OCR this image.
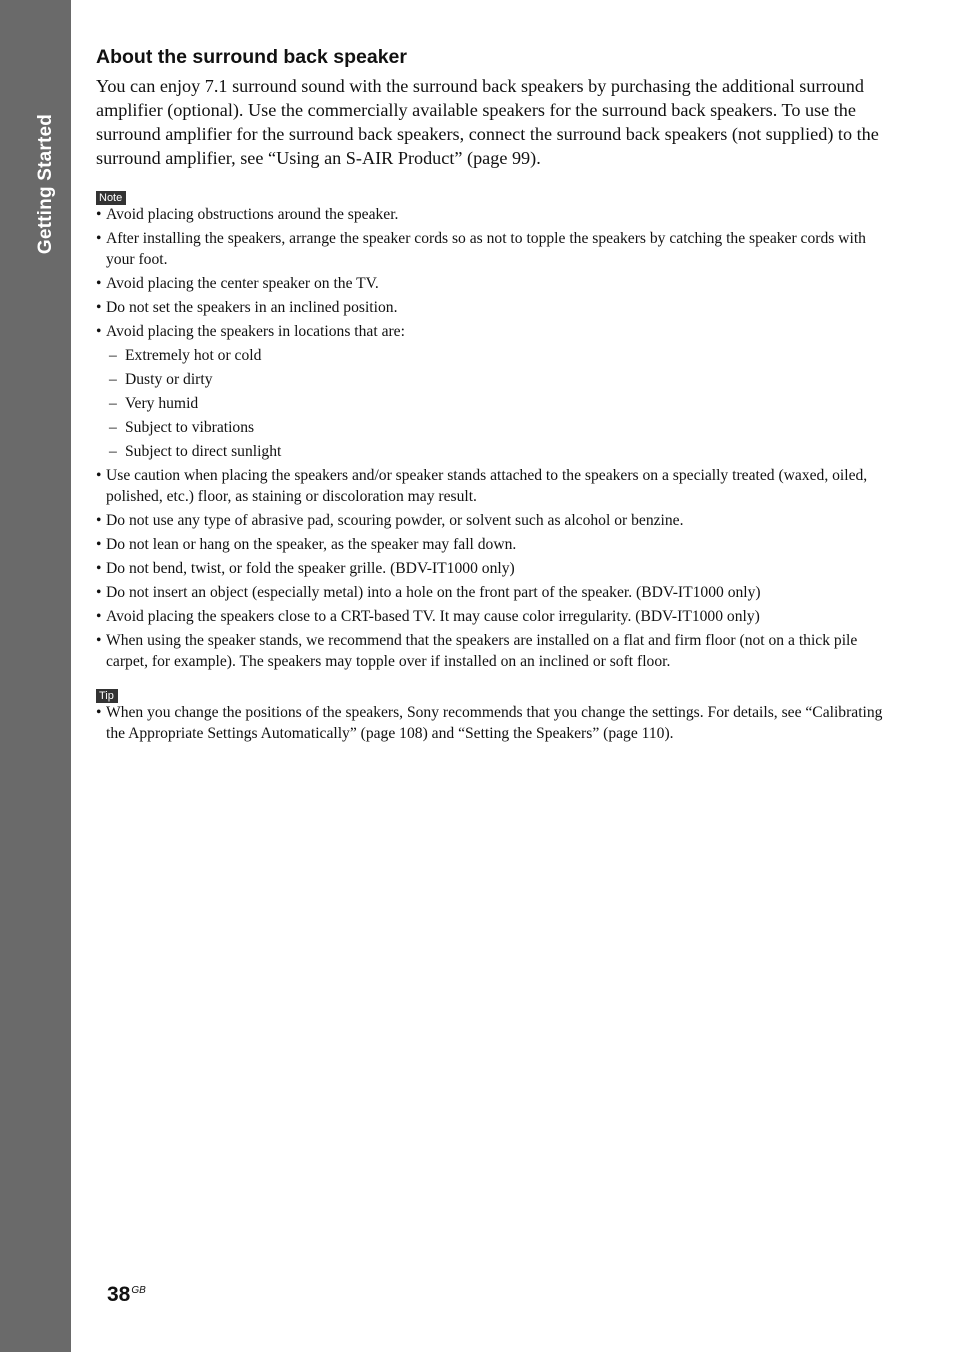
Getting Started
About the surround back speaker

You can enjoy 7.1 surround sound with the surround back speakers by purchasing the additional surround amplifier (optional). Use the commercially available speakers for the surround back speakers. To use the surround amplifier for the surround back speakers, connect the surround back speakers (not supplied) to the surround amplifier, see “Using an S-AIR Product” (page 99).

Note
• Avoid placing obstructions around the speaker.
• After installing the speakers, arrange the speaker cords so as not to topple the speakers by catching the speaker cords with your foot.
• Avoid placing the center speaker on the TV.
• Do not set the speakers in an inclined position.
• Avoid placing the speakers in locations that are:
– Extremely hot or cold
– Dusty or dirty
– Very humid
– Subject to vibrations
– Subject to direct sunlight
• Use caution when placing the speakers and/or speaker stands attached to the speakers on a specially treated (waxed, oiled, polished, etc.) floor, as staining or discoloration may result.
• Do not use any type of abrasive pad, scouring powder, or solvent such as alcohol or benzine.
• Do not lean or hang on the speaker, as the speaker may fall down.
• Do not bend, twist, or fold the speaker grille. (BDV-IT1000 only)
• Do not insert an object (especially metal) into a hole on the front part of the speaker. (BDV-IT1000 only)
• Avoid placing the speakers close to a CRT-based TV. It may cause color irregularity. (BDV-IT1000 only)
• When using the speaker stands, we recommend that the speakers are installed on a flat and firm floor (not on a thick pile carpet, for example). The speakers may topple over if installed on an inclined or soft floor.
Tip
• When you change the positions of the speakers, Sony recommends that you change the settings. For details, see “Calibrating the Appropriate Settings Automatically” (page 108) and “Setting the Speakers” (page 110).
$38^{GB}$
